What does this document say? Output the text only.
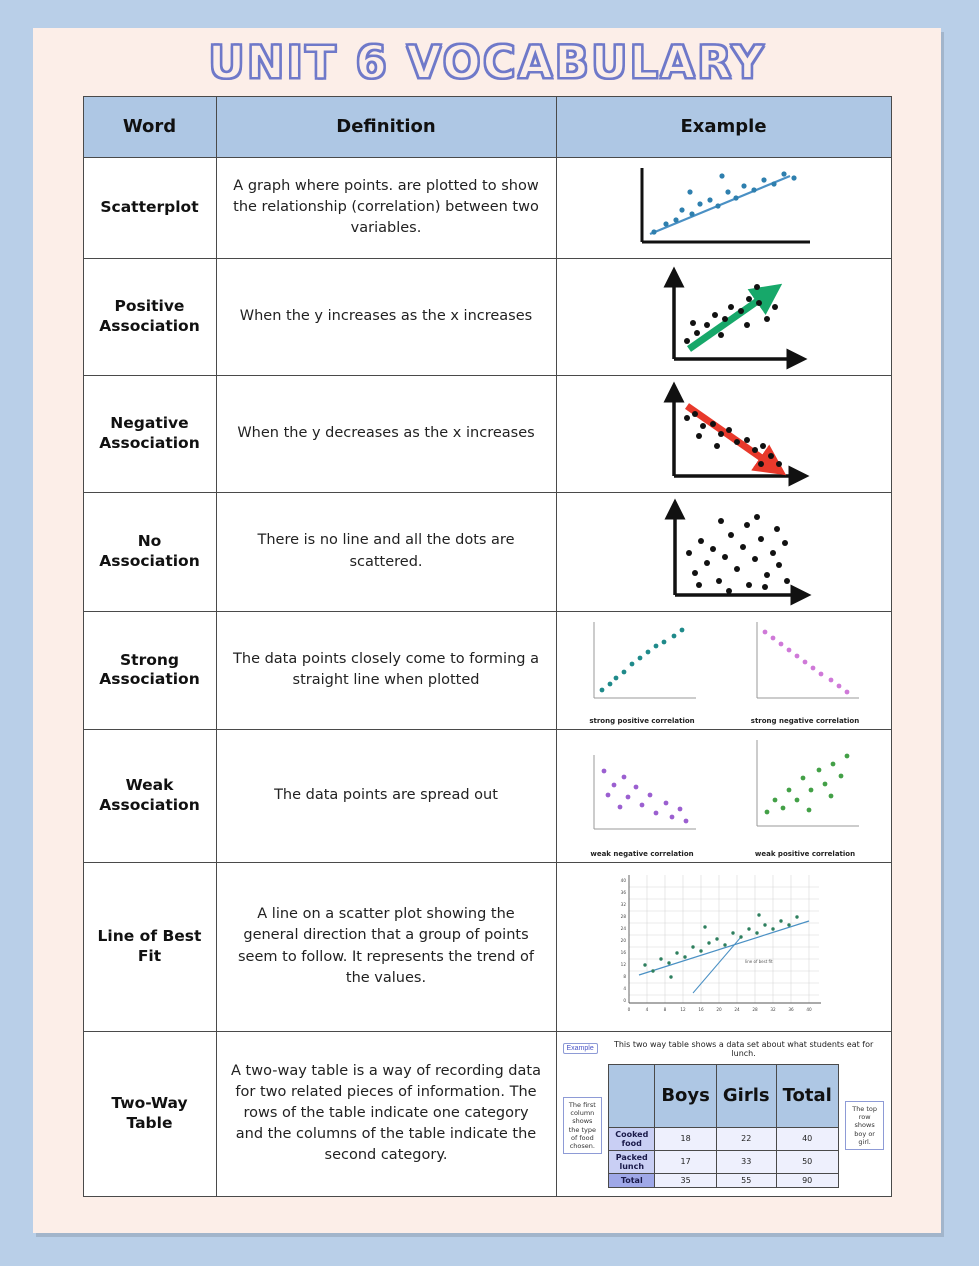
UNIT 6 VOCABULARY
Word	Definition	Example
Scatterplot	A graph where points. are plotted to show the relationship (correlation) between two variables.	

Positive Association	When the y increases as the x increases	

Negative Association	When the y decreases as the x increases	

No Association	There is no line and all the dots are scattered.	

Strong Association	The data points closely come to forming a straight line when plotted	
strong positive correlation	strong negative correlation

Weak Association	The data points are spread out	
weak negative correlation	weak positive correlation

Line of Best Fit	A line on a scatter plot showing the general direction that a group of points seem to follow. It represents the trend of the values.	
40
36
32
28
24
20
16
12
8
4
0
0	4	8	12	16	20	24	28	32	36	40
line of best fit

Two-Way Table	A two-way table is a way of recording data for two related pieces of information. The rows of the table indicate one category and the columns of the table indicate the second category.	
Example	This two way table shows a data set about what students eat for lunch.
The first column shows the type of food chosen.
	Boys	Girls	Total
Cooked food	18	22	40
Packed lunch	17	33	50
Total	35	55	90
The top row shows boy or girl.
